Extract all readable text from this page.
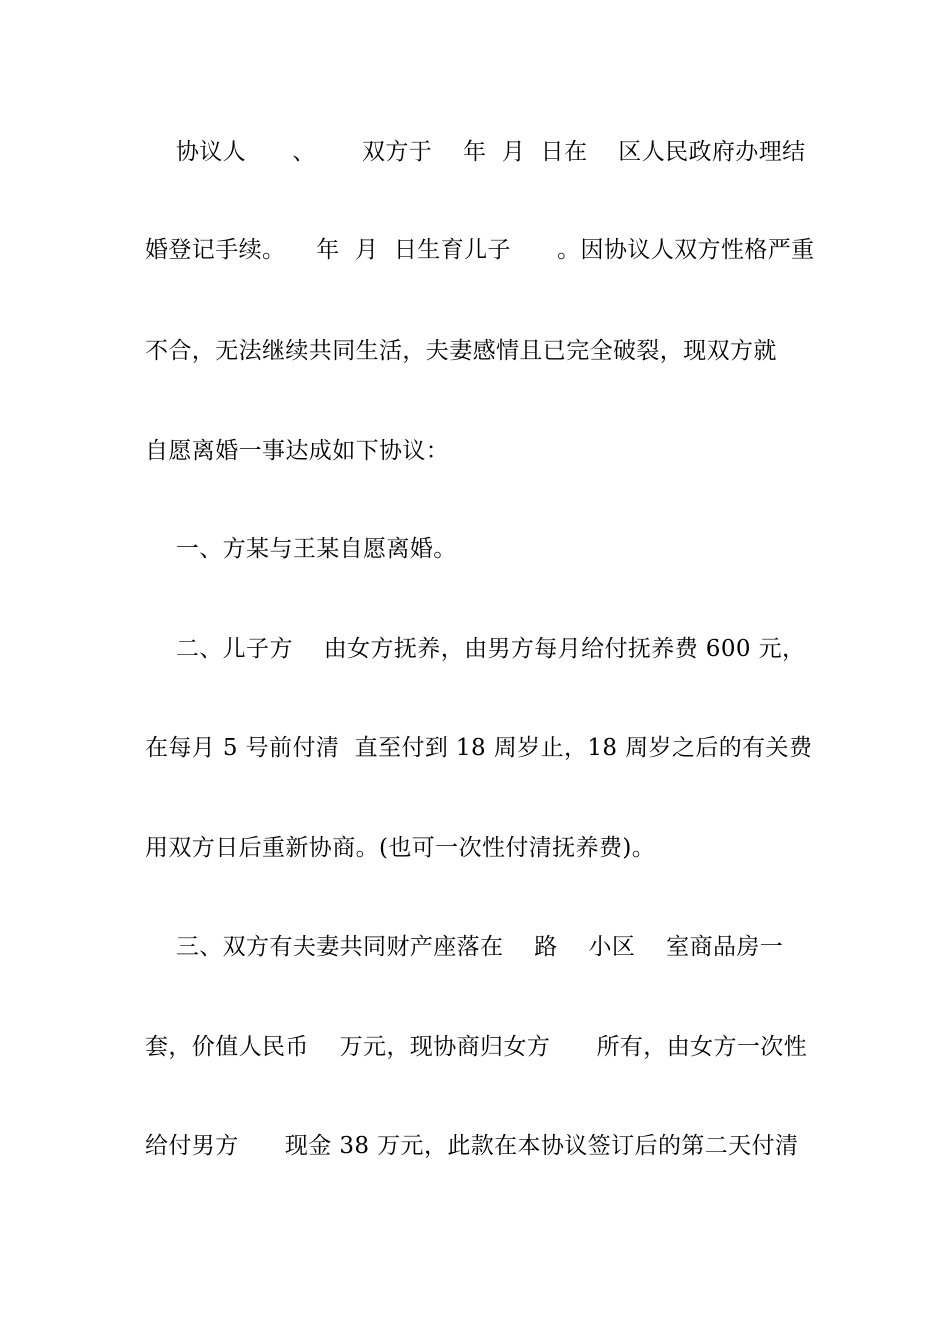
协议人      、      双方于    年  月  日在    区人民政府办理结
婚登记手续。    年  月  日生育儿子      。因协议人双方性格严重
不合，无法继续共同生活，夫妻感情且已完全破裂，现双方就
自愿离婚一事达成如下协议：
一、方某与王某自愿离婚。
二、儿子方    由女方抚养，由男方每月给付抚养费 600 元，
在每月 5 号前付清  直至付到 18 周岁止，18 周岁之后的有关费
用双方日后重新协商。(也可一次性付清抚养费)。
三、双方有夫妻共同财产座落在    路    小区    室商品房一
套，价值人民币    万元，现协商归女方      所有，由女方一次性
给付男方      现金 38 万元，此款在本协议签订后的第二天付清
